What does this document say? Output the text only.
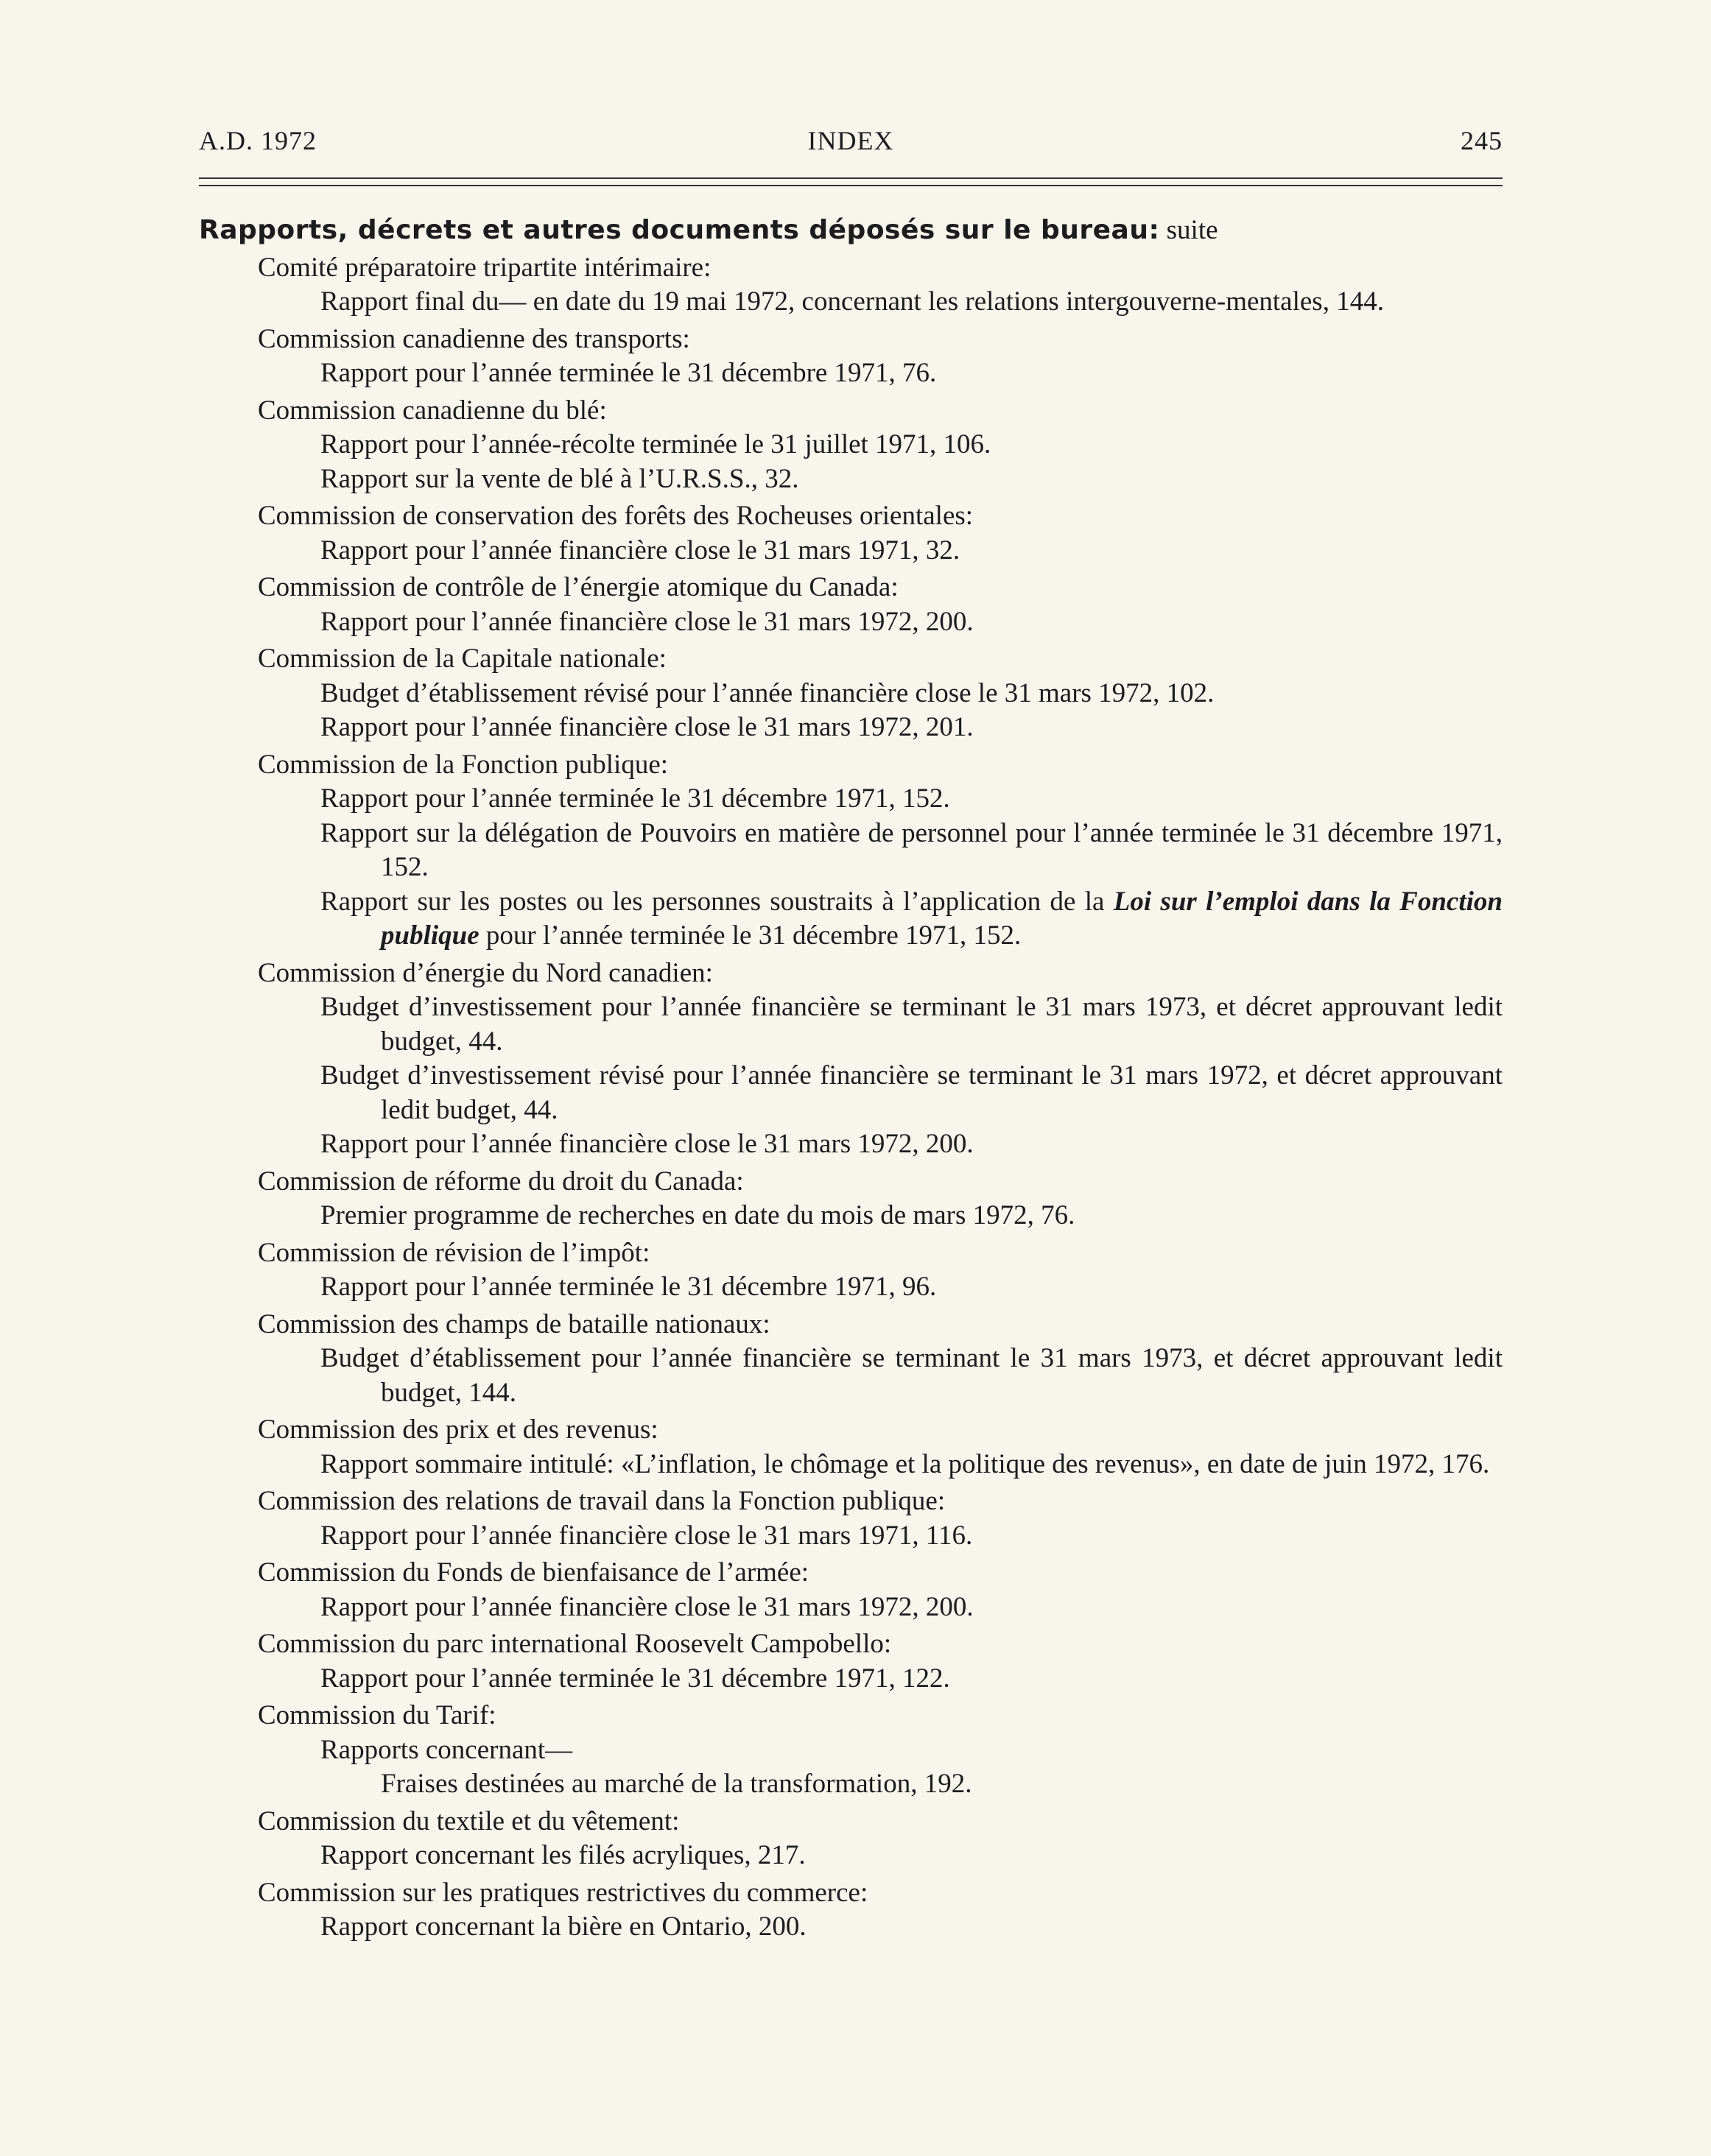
A.D. 1972	INDEX	245
Rapports, décrets et autres documents déposés sur le bureau: suite
Comité préparatoire tripartite intérimaire:
Rapport final du— en date du 19 mai 1972, concernant les relations intergouverne-mentales, 144.
Commission canadienne des transports:
Rapport pour l’année terminée le 31 décembre 1971, 76.
Commission canadienne du blé:
Rapport pour l’année-récolte terminée le 31 juillet 1971, 106.
Rapport sur la vente de blé à l’U.R.S.S., 32.
Commission de conservation des forêts des Rocheuses orientales:
Rapport pour l’année financière close le 31 mars 1971, 32.
Commission de contrôle de l’énergie atomique du Canada:
Rapport pour l’année financière close le 31 mars 1972, 200.
Commission de la Capitale nationale:
Budget d’établissement révisé pour l’année financière close le 31 mars 1972, 102.
Rapport pour l’année financière close le 31 mars 1972, 201.
Commission de la Fonction publique:
Rapport pour l’année terminée le 31 décembre 1971, 152.
Rapport sur la délégation de Pouvoirs en matière de personnel pour l’année terminée le 31 décembre 1971, 152.
Rapport sur les postes ou les personnes soustraits à l’application de la Loi sur l’emploi dans la Fonction publique pour l’année terminée le 31 décembre 1971, 152.
Commission d’énergie du Nord canadien:
Budget d’investissement pour l’année financière se terminant le 31 mars 1973, et décret approuvant ledit budget, 44.
Budget d’investissement révisé pour l’année financière se terminant le 31 mars 1972, et décret approuvant ledit budget, 44.
Rapport pour l’année financière close le 31 mars 1972, 200.
Commission de réforme du droit du Canada:
Premier programme de recherches en date du mois de mars 1972, 76.
Commission de révision de l’impôt:
Rapport pour l’année terminée le 31 décembre 1971, 96.
Commission des champs de bataille nationaux:
Budget d’établissement pour l’année financière se terminant le 31 mars 1973, et décret approuvant ledit budget, 144.
Commission des prix et des revenus:
Rapport sommaire intitulé: «L’inflation, le chômage et la politique des revenus», en date de juin 1972, 176.
Commission des relations de travail dans la Fonction publique:
Rapport pour l’année financière close le 31 mars 1971, 116.
Commission du Fonds de bienfaisance de l’armée:
Rapport pour l’année financière close le 31 mars 1972, 200.
Commission du parc international Roosevelt Campobello:
Rapport pour l’année terminée le 31 décembre 1971, 122.
Commission du Tarif:
Rapports concernant—
Fraises destinées au marché de la transformation, 192.
Commission du textile et du vêtement:
Rapport concernant les filés acryliques, 217.
Commission sur les pratiques restrictives du commerce:
Rapport concernant la bière en Ontario, 200.
